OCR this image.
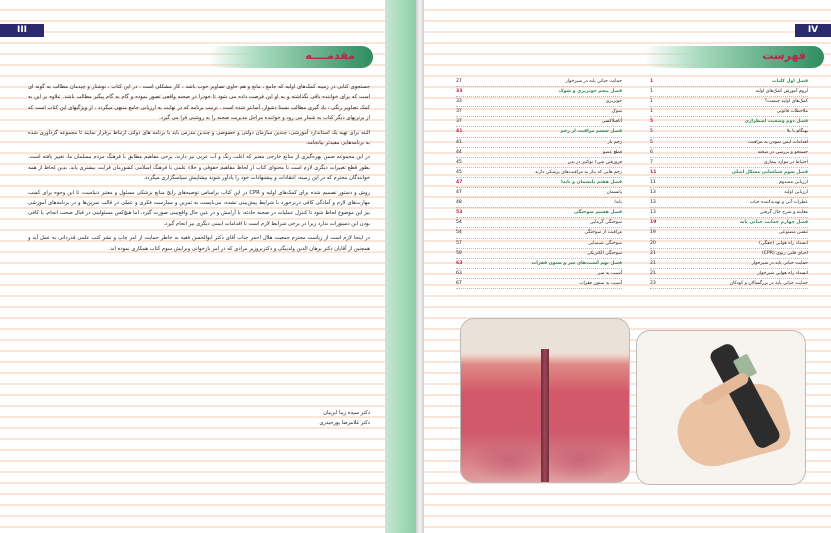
III
مقدمــــه

جستجوی کتابی در زمینه کمک‌های اولیه که جامع ، مانع و هم حاوی تصاویر خوب باشد ، کار مشکلی است . در این کتاب ، نوشتار و چیدمان مطالب به گونه ای است که برای خواننده باقی نگذاشته و به او این فرصت داده می شود تا خودرا در صحنه واقعی تصور نموده و گام به گام پیگیر مطالب باشد. علاوه بر این به کمک تصاویر رنگی ، یاد گیری مطالب نسبتا دشوار، آسانتر شده است . ترتیب برنامه که در نهایت به ارزیابی جامع منتهی میگردد ، از ویژگیهای این کتاب است که از برتریهای دیگر کتاب به شمار می رود و خواننده مراحل مدیریت صحنه را به روشنی فرا می گیرد.

البته برای تهیه یک استاندارد آموزشی، چندین سازمان دولتی و خصوصی و چندین مدرس باید با برنامه های دولتی ارتباط برقرار نمایند تا مجموعه گردآوری شده به برنامه‌هایی مفیدتر بیانجامد.

در این مجموعه ضمن بهره‌گیری از منابع خارجی معتبر که اغلب رنگ و آب عربی نیز دارند، برخی مفاهیم مطابق با فرهنگ مردم مسلمان ما، تغییر یافته است. بطور قطع تغییرات دیگری لازم است تا محتوای کتاب از لحاظ مفاهیم حقوقی و خلاء علمی با فرهنگ اسلامی کشورمان قرابت بیشتری یابد. بدین لحاظ از همه خوانندگان محترم که در این زمینه، انتقادات و پیشنهادات خود را یادآور شوند پیشاپیش سپاسگزاری میگردد.

روش و دستور تصمیم شده برای کمک‌های اولیه و CPR در این کتاب براساس توصیه‌های رایج منابع پزشکی مسئول و معتبر دنیاست، تا این وجوه برای کسب مهارت‌های لازم و آمادگی کافی دربرخورد با شرایط پیش‌بینی نشده، می‌بایست به تمرین و ممارست فکری و عملی در قالب تمرین‌ها و در برنامه‌های آموزشی نیز این موضوع لحاظ شود تا کنترل عملیات در صحنه حادثه، با آرامش و در عین حال واقع‌بینی صورت گیرد، اما هیچ‌کس مسئولیتی در قبال صحت انجام، یا کافی بودن این دستورات ندارد زیرا در برخی شرایط لازم است تا اقدامات ایمنی دیگری نیز انجام گیرد.

در اینجا لازم است از زیاست محترم جمعیت هلال احمر جناب آقای دکتر ابوالحسن فقیه به خاطر حمایت از امر چاپ و نشر کتب علمی قدردانی به عمل آید و همچنین از آقایان دکتر برهان الدین ولدبیگی و دکتربروزیر مرادی که در امر بازخوانی وبرایش سوم کتاب همکاری نموده اند.

دکتر سیده زیبا ابریبان
دکتر غلامرضا پورحیدری
IV
فهرست
فصل اول کلیات
1
لزوم آموزش کمک‌های اولیه
1
کمک‌های اولیه چیست؟
1
ملاحظات قانونی
1
فصل دوم وضعیت اضطراری
5
بهنگام با بلا
5
اقدامات ایمن نمودن به مراقبت
5
جستجو و بررسی در صحنه
6
احتیاط در موارد بیماری
7
فصل سوم شناسایی مشکل اصلی
11
ارزیابی مصدوم
11
ارزیابی اولیه
13
عطرات آنی و تهدیدکننده حیات
13
معاینه و شرح حال گرفتن
13
فصل چهارم حمایت حیاتی پایه
19
تنفس مصنوعی
19
انسداد راه هوایی (خفگی)
20
احیای قلبی ریوی (CPR)
21
حمایت حیاتی پایه در شیرخوار
21
انسداد راه هوایی شیرخوار
21
حمایت حیاتی پایه در بزرگسالان و کودکان
23
حمایت حیاتی پایه در شیرخوار
27
فصل پنجم خونریزی و شوک
33
خونریزی
33
شوک
37
آنافیلاکسی
37
فصل ششم مراقبت از زخم
41
زخم باز
41
قطع عضو
44
فرورفتن شیء نوکتیز در بدن
45
زخم هایی که نیاز به مراقبت‌های پزشکی دارند
45
فصل هفتم پانسمان و باندا
47
پانسمان
47
باندا
48
فصل هشتم سوختگی
53
سوختگی گرمایی
54
مراقبت از سوختگی
54
سوختگی شیمیایی
57
سوختگی الکتریکی
59
فصل نهم آسیب‌های سر و ستون فقرات
63
آسیب به سر
63
آسیب به ستون فقرات
67
